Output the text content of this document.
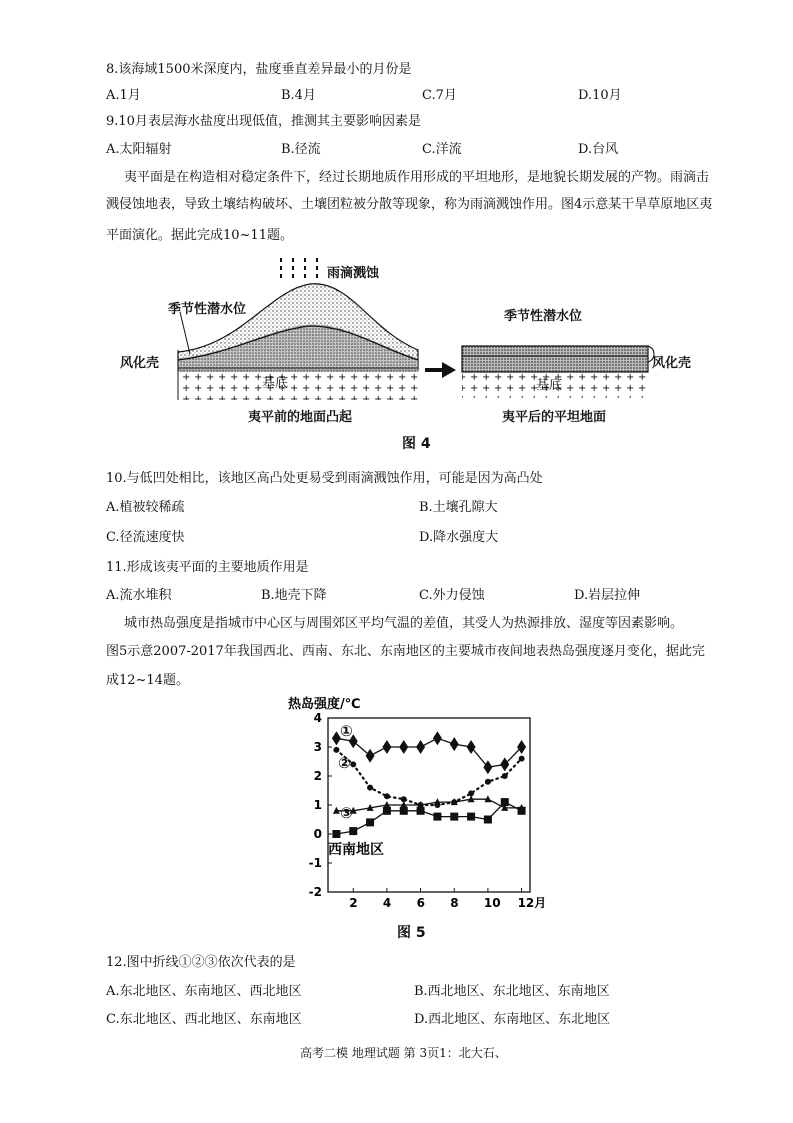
8.该海域1500米深度内，盐度垂直差异最小的月份是
A.1月	B.4月	C.7月	D.10月
9.10月表层海水盐度出现低值，推测其主要影响因素是
A.太阳辐射	B.径流	C.洋流	D.台风
夷平面是在构造相对稳定条件下，经过长期地质作用形成的平坦地形，是地貌长期发展的产物。雨滴击
溅侵蚀地表，导致土壤结构破坏、土壤团粒被分散等现象，称为雨滴溅蚀作用。图4示意某干旱草原地区夷
平面演化。据此完成10~11题。
雨滴溅蚀
季节性潜水位
风化壳
基底
夷平前的地面凸起
季节性潜水位
风化壳
基底
夷平后的平坦地面
图 4
10.与低凹处相比，该地区高凸处更易受到雨滴溅蚀作用，可能是因为高凸处
A.植被较稀疏	B.土壤孔隙大
C.径流速度快	D.降水强度大
11.形成该夷平面的主要地质作用是
A.流水堆积	B.地壳下降	C.外力侵蚀	D.岩层拉伸
城市热岛强度是指城市中心区与周围郊区平均气温的差值，其受人为热源排放、湿度等因素影响。
图5示意2007-2017年我国西北、西南、东北、东南地区的主要城市夜间地表热岛强度逐月变化，据此完
成12~14题。
热岛强度/℃
4
3
2
1
0
-1
-2
2 4 6 8 10 12月
①
②
③
西南地区
图 5
12.图中折线①②③依次代表的是
A.东北地区、东南地区、西北地区	B.西北地区、东北地区、东南地区
C.东北地区、西北地区、东南地区	D.西北地区、东南地区、东北地区
高考二模 地理试题 第 3页1：北大石、
